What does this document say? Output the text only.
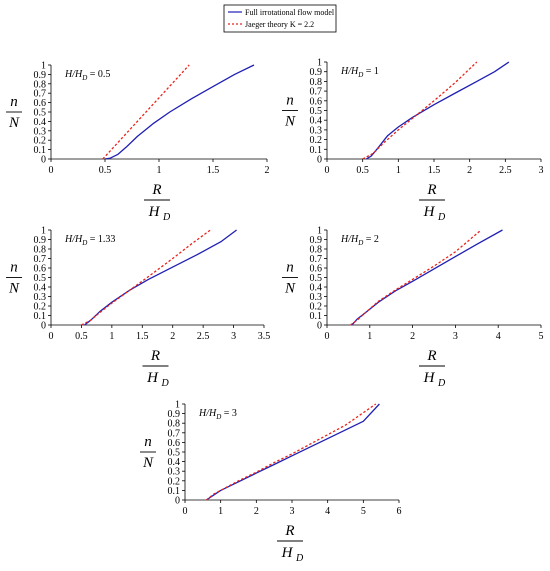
Full irrotational flow model
Jaeger theory K = 2.2
0	0.5	1	1.5	2
0
0.1
0.2
0.3
0.4
0.5
0.6
0.7
0.8
0.9
1
$H/H_D = 0.5$
n
N
R
H D
0	0.5	1	1.5	2	2.5	3
0
0.1
0.2
0.3
0.4
0.5
0.6
0.7
0.8
0.9
1
$H/H_D = 1$
n
N
R
H D
0 0.5 1 1.5 2 2.5 3 3.5
0
0.1
0.2
0.3
0.4
0.5
0.6
0.7
0.8
0.9
1
$H/H_D = 1.33$
n
N
R
H D
0	1	2	3	4	5
0
0.1
0.2
0.3
0.4
0.5
0.6
0.7
0.8
0.9
1
$H/H_D = 2$
n
N
R
H D
0	1	2	3	4	5	6
0
0.1
0.2
0.3
0.4
0.5
0.6
0.7
0.8
0.9
1
$H/H_D = 3$
n
N
R
H D
